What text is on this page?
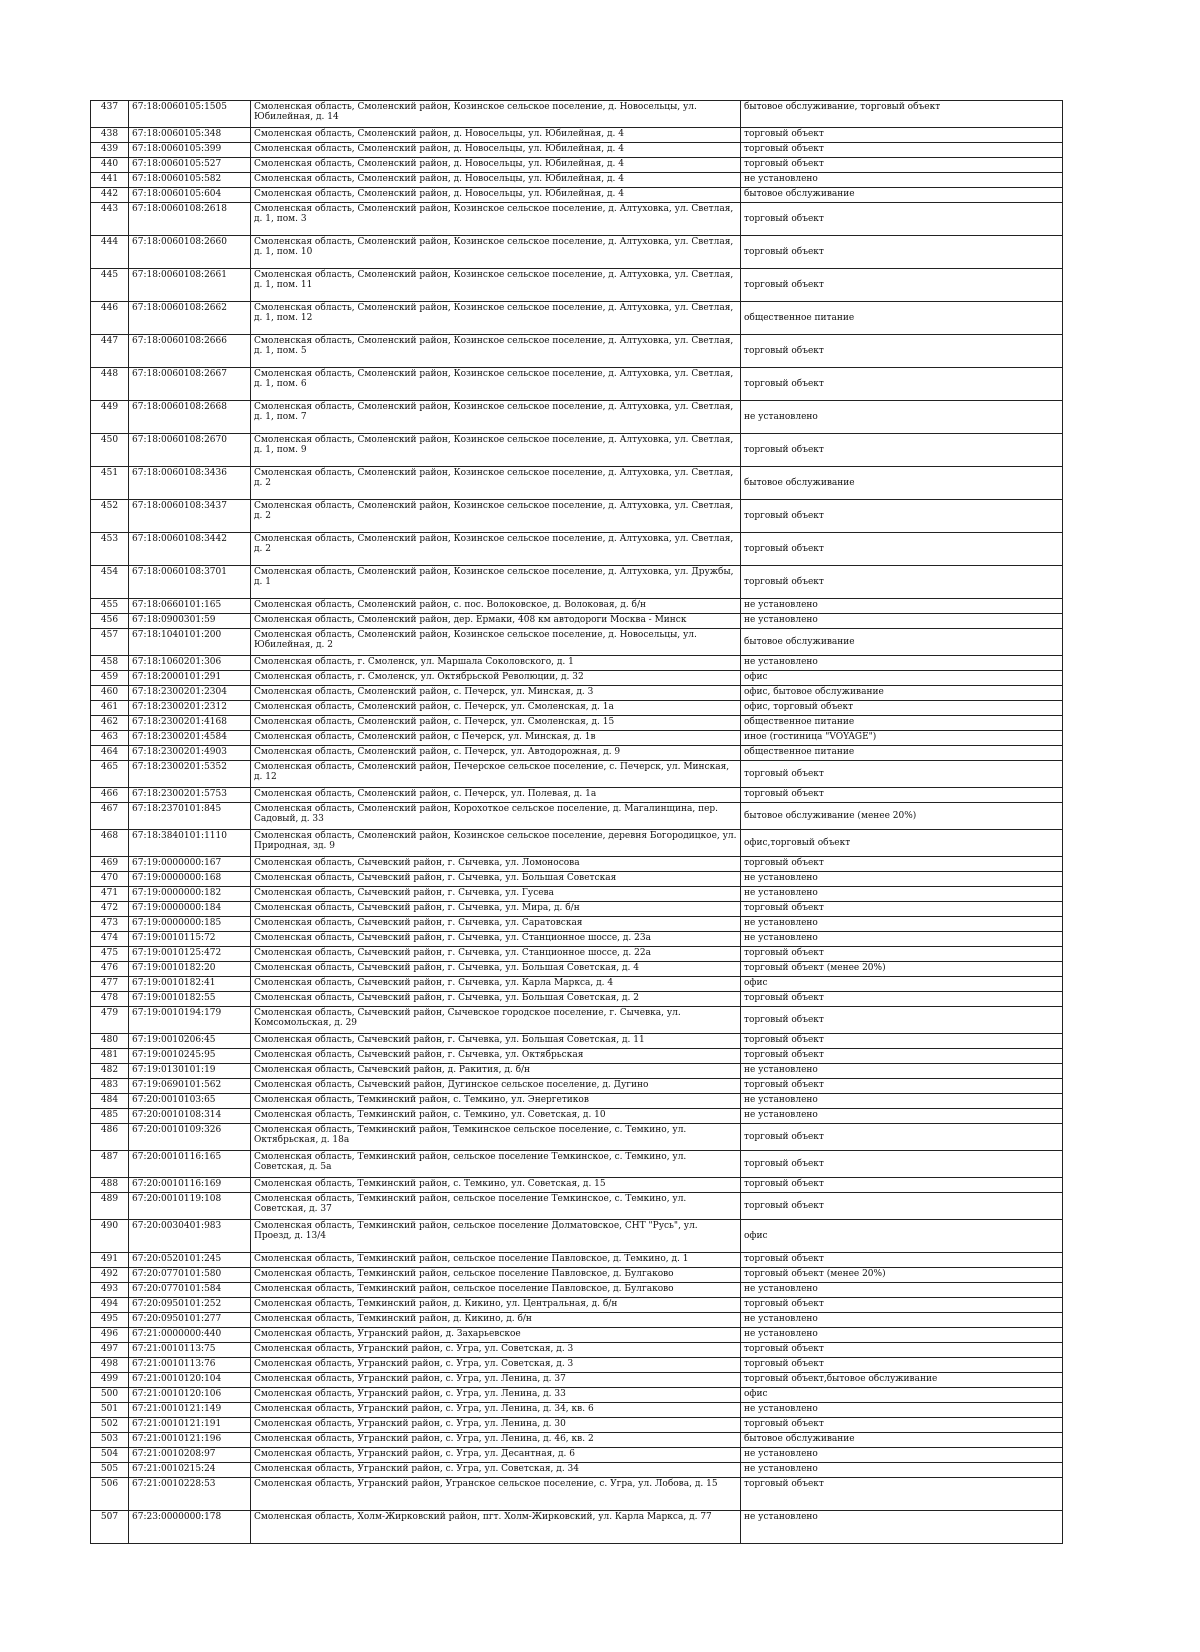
437	67:18:0060105:1505	Смоленская область, Смоленский район, Козинское сельское поселение, д. Новосельцы, ул. Юбилейная, д. 14	бытовое обслуживание, торговый объект
438	67:18:0060105:348	Смоленская область, Смоленский район, д. Новосельцы, ул. Юбилейная, д. 4	торговый объект
439	67:18:0060105:399	Смоленская область, Смоленский район, д. Новосельцы, ул. Юбилейная, д. 4	торговый объект
440	67:18:0060105:527	Смоленская область, Смоленский район, д. Новосельцы, ул. Юбилейная, д. 4	торговый объект
441	67:18:0060105:582	Смоленская область, Смоленский район, д. Новосельцы, ул. Юбилейная, д. 4	не установлено
442	67:18:0060105:604	Смоленская область, Смоленский район, д. Новосельцы, ул. Юбилейная, д. 4	бытовое обслуживание
443	67:18:0060108:2618	Смоленская область, Смоленский район, Козинское сельское поселение, д. Алтуховка, ул. Светлая, д. 1, пом. 3	торговый объект
444	67:18:0060108:2660	Смоленская область, Смоленский район, Козинское сельское поселение, д. Алтуховка, ул. Светлая, д. 1, пом. 10	торговый объект
445	67:18:0060108:2661	Смоленская область, Смоленский район, Козинское сельское поселение, д. Алтуховка, ул. Светлая, д. 1, пом. 11	торговый объект
446	67:18:0060108:2662	Смоленская область, Смоленский район, Козинское сельское поселение, д. Алтуховка, ул. Светлая, д. 1, пом. 12	общественное питание
447	67:18:0060108:2666	Смоленская область, Смоленский район, Козинское сельское поселение, д. Алтуховка, ул. Светлая, д. 1, пом. 5	торговый объект
448	67:18:0060108:2667	Смоленская область, Смоленский район, Козинское сельское поселение, д. Алтуховка, ул. Светлая, д. 1, пом. 6	торговый объект
449	67:18:0060108:2668	Смоленская область, Смоленский район, Козинское сельское поселение, д. Алтуховка, ул. Светлая, д. 1, пом. 7	не установлено
450	67:18:0060108:2670	Смоленская область, Смоленский район, Козинское сельское поселение, д. Алтуховка, ул. Светлая, д. 1, пом. 9	торговый объект
451	67:18:0060108:3436	Смоленская область, Смоленский район, Козинское сельское поселение, д. Алтуховка, ул. Светлая, д. 2	бытовое обслуживание
452	67:18:0060108:3437	Смоленская область, Смоленский район, Козинское сельское поселение, д. Алтуховка, ул. Светлая, д. 2	торговый объект
453	67:18:0060108:3442	Смоленская область, Смоленский район, Козинское сельское поселение, д. Алтуховка, ул. Светлая, д. 2	торговый объект
454	67:18:0060108:3701	Смоленская область, Смоленский район, Козинское сельское поселение, д. Алтуховка, ул. Дружбы, д. 1	торговый объект
455	67:18:0660101:165	Смоленская область, Смоленский район, с. пос. Волоковское, д. Волоковая, д. б/н	не установлено
456	67:18:0900301:59	Смоленская область, Смоленский район, дер. Ермаки, 408 км автодороги Москва - Минск	не установлено
457	67:18:1040101:200	Смоленская область, Смоленский район, Козинское сельское поселение, д. Новосельцы, ул. Юбилейная, д. 2	бытовое обслуживание
458	67:18:1060201:306	Смоленская область, г. Смоленск, ул. Маршала Соколовского, д. 1	не установлено
459	67:18:2000101:291	Смоленская область, г. Смоленск, ул. Октябрьской Революции, д. 32	офис
460	67:18:2300201:2304	Смоленская область, Смоленский район, с. Печерск, ул. Минская, д. 3	офис, бытовое обслуживание
461	67:18:2300201:2312	Смоленская область, Смоленский район, с. Печерск, ул. Смоленская, д. 1а	офис, торговый объект
462	67:18:2300201:4168	Смоленская область, Смоленский район, с. Печерск, ул. Смоленская, д. 15	общественное питание
463	67:18:2300201:4584	Смоленская область, Смоленский район, с Печерск, ул. Минская, д. 1в	иное (гостиница "VOYAGE")
464	67:18:2300201:4903	Смоленская область, Смоленский район, с. Печерск, ул. Автодорожная, д. 9	общественное питание
465	67:18:2300201:5352	Смоленская область, Смоленский район, Печерское сельское поселение, с. Печерск, ул. Минская, д. 12	торговый объект
466	67:18:2300201:5753	Смоленская область, Смоленский район, с. Печерск, ул. Полевая, д. 1а	торговый объект
467	67:18:2370101:845	Смоленская область, Смоленский район, Корохоткое сельское поселение, д. Магалинщина, пер. Садовый, д. 33	бытовое обслуживание (менее 20%)
468	67:18:3840101:1110	Смоленская область, Смоленский район, Козинское сельское поселение, деревня Богородицкое, ул. Природная, зд. 9	офис,торговый объект
469	67:19:0000000:167	Смоленская область, Сычевский район, г. Сычевка, ул. Ломоносова	торговый объект
470	67:19:0000000:168	Смоленская область, Сычевский район, г. Сычевка, ул. Большая Советская	не установлено
471	67:19:0000000:182	Смоленская область, Сычевский район, г. Сычевка, ул. Гусева	не установлено
472	67:19:0000000:184	Смоленская область, Сычевский район, г. Сычевка, ул. Мира, д. б/н	торговый объект
473	67:19:0000000:185	Смоленская область, Сычевский район, г. Сычевка, ул. Саратовская	не установлено
474	67:19:0010115:72	Смоленская область, Сычевский район, г. Сычевка, ул. Станционное шоссе, д. 23а	не установлено
475	67:19:0010125:472	Смоленская область, Сычевский район, г. Сычевка, ул. Станционное шоссе, д. 22а	торговый объект
476	67:19:0010182:20	Смоленская область, Сычевский район, г. Сычевка, ул. Большая Советская, д. 4	торговый объект (менее 20%)
477	67:19:0010182:41	Смоленская область, Сычевский район, г. Сычевка, ул. Карла Маркса, д. 4	офис
478	67:19:0010182:55	Смоленская область, Сычевский район, г. Сычевка, ул. Большая Советская, д. 2	торговый объект
479	67:19:0010194:179	Смоленская область, Сычевский район, Сычевское городское поселение, г. Сычевка, ул. Комсомольская, д. 29	торговый объект
480	67:19:0010206:45	Смоленская область, Сычевский район, г. Сычевка, ул. Большая Советская, д. 11	торговый объект
481	67:19:0010245:95	Смоленская область, Сычевский район, г. Сычевка, ул. Октябрьская	торговый объект
482	67:19:0130101:19	Смоленская область, Сычевский район, д. Ракития, д. б/н	не установлено
483	67:19:0690101:562	Смоленская область, Сычевский район, Дугинское сельское поселение, д. Дугино	торговый объект
484	67:20:0010103:65	Смоленская область, Темкинский район, с. Темкино, ул. Энергетиков	не установлено
485	67:20:0010108:314	Смоленская область, Темкинский район, с. Темкино, ул. Советская, д. 10	не установлено
486	67:20:0010109:326	Смоленская область, Темкинский район, Темкинское сельское поселение, с. Темкино, ул. Октябрьская, д. 18а	торговый объект
487	67:20:0010116:165	Смоленская область, Темкинский район, сельское поселение Темкинское, с. Темкино, ул. Советская, д. 5а	торговый объект
488	67:20:0010116:169	Смоленская область, Темкинский район, с. Темкино, ул. Советская, д. 15	торговый объект
489	67:20:0010119:108	Смоленская область, Темкинский район, сельское поселение Темкинское, с. Темкино, ул. Советская, д. 37	торговый объект
490	67:20:0030401:983	Смоленская область, Темкинский район, сельское поселение Долматовское, СНТ "Русь", ул. Проезд, д. 13/4	офис
491	67:20:0520101:245	Смоленская область, Темкинский район, сельское поселение Павловское, д. Темкино, д. 1	торговый объект
492	67:20:0770101:580	Смоленская область, Темкинский район, сельское поселение Павловское, д. Булгаково	торговый объект (менее 20%)
493	67:20:0770101:584	Смоленская область, Темкинский район, сельское поселение Павловское, д. Булгаково	не установлено
494	67:20:0950101:252	Смоленская область, Темкинский район, д. Кикино, ул. Центральная, д. б/н	торговый объект
495	67:20:0950101:277	Смоленская область, Темкинский район, д. Кикино, д. б/н	не установлено
496	67:21:0000000:440	Смоленская область, Угранский район, д. Захарьевское	не установлено
497	67:21:0010113:75	Смоленская область, Угранский район, с. Угра, ул. Советская, д. 3	торговый объект
498	67:21:0010113:76	Смоленская область, Угранский район, с. Угра, ул. Советская, д. 3	торговый объект
499	67:21:0010120:104	Смоленская область, Угранский район, с. Угра, ул. Ленина, д. 37	торговый объект,бытовое обслуживание
500	67:21:0010120:106	Смоленская область, Угранский район, с. Угра, ул. Ленина, д. 33	офис
501	67:21:0010121:149	Смоленская область, Угранский район, с. Угра, ул. Ленина, д. 34, кв. 6	не установлено
502	67:21:0010121:191	Смоленская область, Угранский район, с. Угра, ул. Ленина, д. 30	торговый объект
503	67:21:0010121:196	Смоленская область, Угранский район, с. Угра, ул. Ленина, д. 46, кв. 2	бытовое обслуживание
504	67:21:0010208:97	Смоленская область, Угранский район, с. Угра, ул. Десантная, д. 6	не установлено
505	67:21:0010215:24	Смоленская область, Угранский район, с. Угра, ул. Советская, д. 34	не установлено
506	67:21:0010228:53	Смоленская область, Угранский район, Угранское сельское поселение, с. Угра, ул. Лобова, д. 15	торговый объект
507	67:23:0000000:178	Смоленская область, Холм-Жирковский район, пгт. Холм-Жирковский, ул. Карла Маркса, д. 77	не установлено
